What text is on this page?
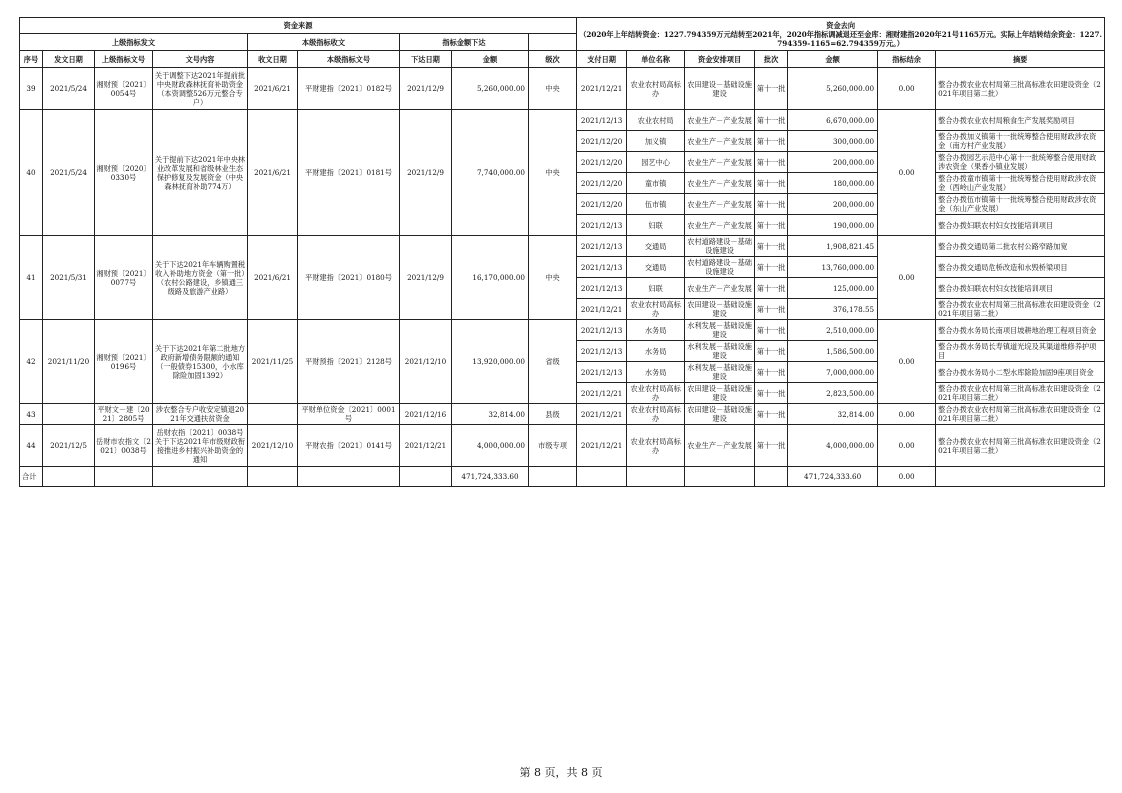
资金来源									资金去向
（2020年上年结转资金：1227.794359万元结转至2021年，2020年指标调减退还至金库：湘财建指2020年21号1165万元。实际上年结转结余资金：1227.794359-1165=62.794359万元。）						

上级指标发文				本级指标收文		指标金额下达									
序号	发文日期	上级指标文号	文号内容	收文日期	本级指标文号	下达日期	金额	级次	支付日期	单位名称	资金安排项目	批次	金额	指标结余	摘要
39	2021/5/24	湘财预〔2021〕0054号	关于调整下达2021年提前批中央财政森林抚育补助资金（本资调整526万元整合专户）	2021/6/21	平财建指〔2021〕0182号	2021/12/9	5,260,000.00	中央	2021/12/21	农业农村局高标办	农田建设－基础设施建设	第十一批	5,260,000.00	0.00	整合办拨农业农村局第三批高标准农田建设资金（2021年项目第二批）
40	2021/5/24	湘财预〔2020〕0330号	关于提前下达2021年中央林业改革发展和省级林业生态保护修复及发展资金（中央森林抚育补助774万）	2021/6/21	平财建指〔2021〕0181号	2021/12/9	7,740,000.00	中央	2021/12/13	农业农村局	农业生产－产业发展	第十一批	6,670,000.00	0.00	整合办拨农业农村局粮食生产发展奖励项目
									2021/12/20	加义镇	农业生产－产业发展	第十一批	300,000.00		整合办拨加义镇第十一批统筹整合使用财政涉农资金（南方村产业发展）
									2021/12/20	园艺中心	农业生产－产业发展	第十一批	200,000.00		整合办拨园艺示范中心第十一批统筹整合使用财政涉农资金（果香小镇业发展）
									2021/12/20	童市镇	农业生产－产业发展	第十一批	180,000.00		整合办拨童市镇第十一批统筹整合使用财政涉农资金（西岭山产业发展）
									2021/12/20	伍市镇	农业生产－产业发展	第十一批	200,000.00		整合办拨伍市镇第十一批统筹整合使用财政涉农资金（东山产业发展）
									2021/12/13	妇联	农业生产－产业发展	第十一批	190,000.00		整合办拨妇联农村妇女技能培训项目
41	2021/5/31	湘财预〔2021〕0077号	关于下达2021年车辆购置税收入补助地方资金（第一批）（农村公路建设，乡镇通三级路及旅游产业路）	2021/6/21	平财建指〔2021〕0180号	2021/12/9	16,170,000.00	中央	2021/12/13	交通局	农村道路建设－基础设施建设	第十一批	1,908,821.45	0.00	整合办拨交通局第二批农村公路窄路加宽
									2021/12/13	交通局	农村道路建设－基础设施建设	第十一批	13,760,000.00		整合办拨交通局危桥改造和水毁桥梁项目
									2021/12/13	妇联	农业生产－产业发展	第十一批	125,000.00		整合办拨妇联农村妇女技能培训项目
									2021/12/21	农业农村局高标办	农田建设－基础设施建设	第十一批	376,178.55		整合办拨农业农村局第三批高标准农田建设资金（2021年项目第二批）
42	2021/11/20	湘财预〔2021〕0196号	关于下达2021年第二批地方政府新增债务限额的通知（一般债券15300，小水库除险加固1392）	2021/11/25	平财预指〔2021〕2128号	2021/12/10	13,920,000.00	省级	2021/12/13	水务局	水利发展－基础设施建设	第十一批	2,510,000.00	0.00	整合办拨水务局长南项目坡耕地治理工程项目资金
									2021/12/13	水务局	水利发展－基础设施建设	第十一批	1,586,500.00		整合办拨水务局长寿镇道光垸及其渠道维修养护项目
									2021/12/13	水务局	水利发展－基础设施建设	第十一批	7,000,000.00		整合办拨水务局小二型水库除险加固9座项目资金
									2021/12/21	农业农村局高标办	农田建设－基础设施建设	第十一批	2,823,500.00		整合办拨农业农村局第三批高标准农田建设资金（2021年项目第二批）
43		平财文－建〔2021〕2805号	涉农整合专户收安定镇退2021年交通扶贫资金		平财单位资金〔2021〕0001号	2021/12/16	32,814.00	县级	2021/12/21	农业农村局高标办	农田建设－基础设施建设	第十一批	32,814.00	0.00	整合办拨农业农村局第三批高标准农田建设资金（2021年项目第二批）
44	2021/12/5	岳财市农指文〔2021〕0038号	岳财农指〔2021〕0038号关于下达2021年市级财政衔接推进乡村振兴补助资金的通知	2021/12/10	平财农指〔2021〕0141号	2021/12/21	4,000,000.00	市级专项	2021/12/21	农业农村局高标办	农业生产－产业发展	第十一批	4,000,000.00	0.00	整合办拨农业农村局第三批高标准农田建设资金（2021年项目第二批）
合计							471,724,333.60						471,724,333.60	0.00	
第 8 页，共 8 页
